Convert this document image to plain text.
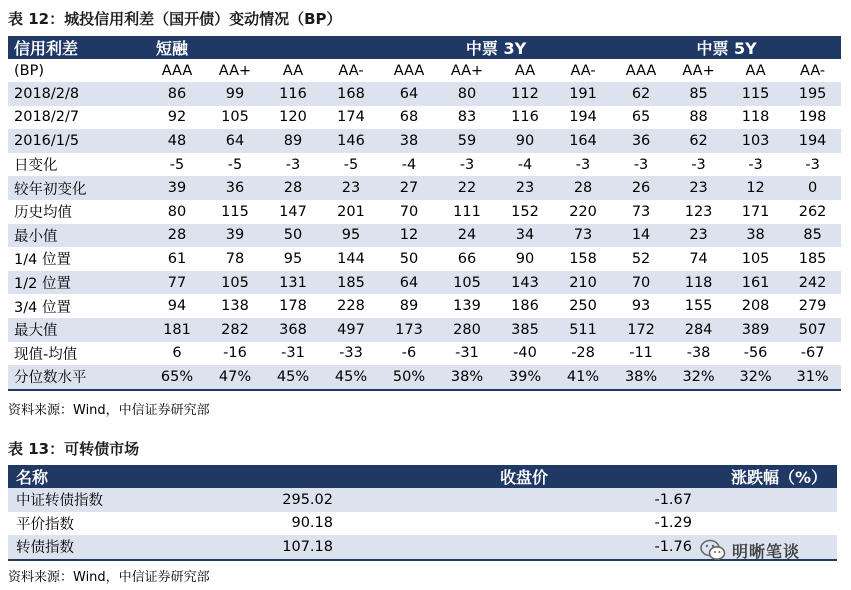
表 12：城投信用利差（国开债）变动情况（BP）
信用利差	短融				中票 3Y				中票 5Y			
(BP)	AAA	AA+	AA	AA-	AAA	AA+	AA	AA-	AAA	AA+	AA	AA-
2018/2/8	86	99	116	168	64	80	112	191	62	85	115	195
2018/2/7	92	105	120	174	68	83	116	194	65	88	118	198
2016/1/5	48	64	89	146	38	59	90	164	36	62	103	194
日变化	-5	-5	-3	-5	-4	-3	-4	-3	-3	-3	-3	-3
较年初变化	39	36	28	23	27	22	23	28	26	23	12	0
历史均值	80	115	147	201	70	111	152	220	73	123	171	262
最小值	28	39	50	95	12	24	34	73	14	23	38	85
1/4 位置	61	78	95	144	50	66	90	158	52	74	105	185
1/2 位置	77	105	131	185	64	105	143	210	70	118	161	242
3/4 位置	94	138	178	228	89	139	186	250	93	155	208	279
最大值	181	282	368	497	173	280	385	511	172	284	389	507
现值-均值	6	-16	-31	-33	-6	-31	-40	-28	-11	-38	-56	-67
分位数水平	65%	47%	45%	45%	50%	38%	39%	41%	38%	32%	32%	31%
资料来源：Wind，中信证券研究部
表 13：可转债市场
名称	收盘价	涨跌幅（%）
中证转债指数	295.02	-1.67
平价指数	90.18	-1.29
转债指数	107.18	-1.76
资料来源：Wind，中信证券研究部
明晰笔谈
